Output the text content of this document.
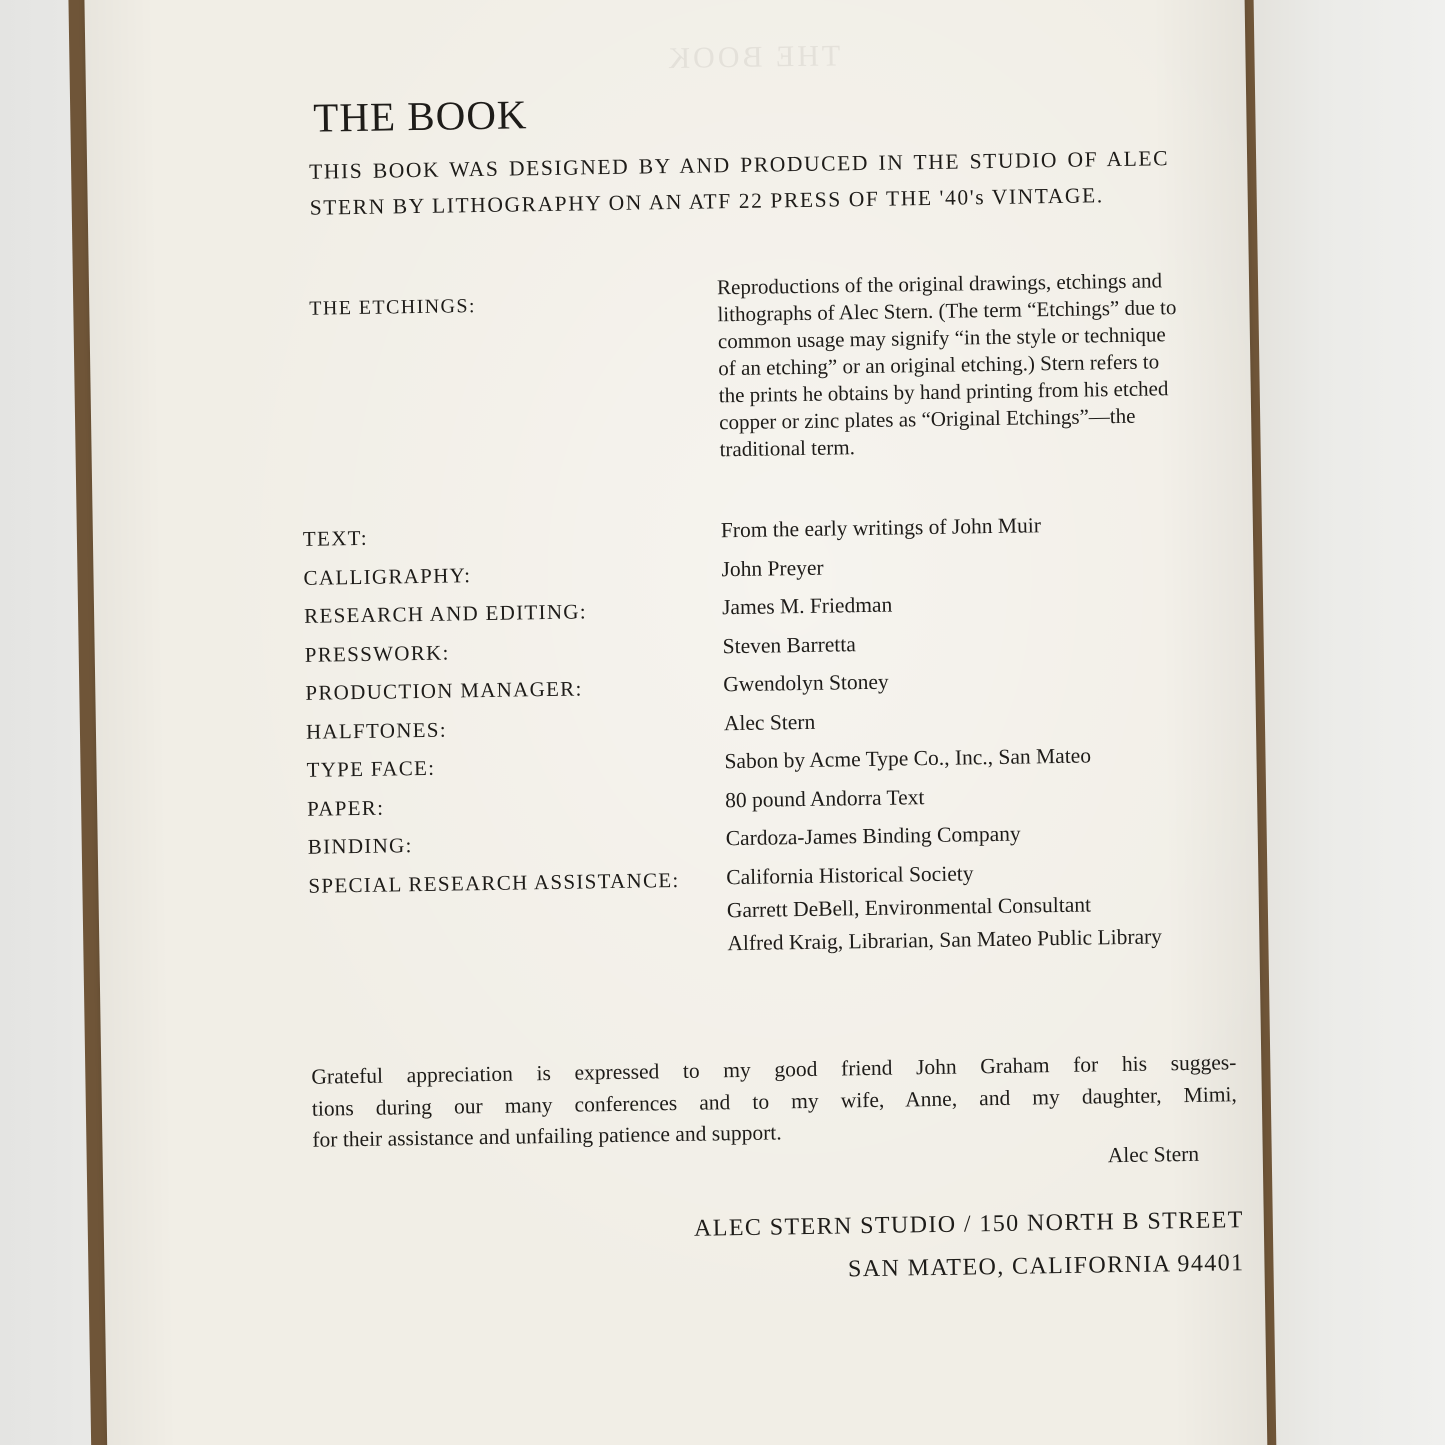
THE BOOK
THE BOOK

THIS BOOK WAS DESIGNED BY AND PRODUCED IN THE STUDIO OF ALEC STERN BY LITHOGRAPHY ON AN ATF 22 PRESS OF THE '40's VINTAGE.

THE ETCHINGS:

Reproductions of the original drawings, etchings and lithographs of Alec Stern. (The term “Etchings” due to common usage may signify “in the style or technique of an etching” or an original etching.) Stern refers to the prints he obtains by hand printing from his etched copper or zinc plates as “Original Etchings”—the traditional term.

TEXT:	From the early writings of John Muir
CALLIGRAPHY:	John Preyer
RESEARCH AND EDITING:	James M. Friedman
PRESSWORK:	Steven Barretta
PRODUCTION MANAGER:	Gwendolyn Stoney
HALFTONES:	Alec Stern
TYPE FACE:	Sabon by Acme Type Co., Inc., San Mateo
PAPER:	80 pound Andorra Text
BINDING:	Cardoza-James Binding Company
SPECIAL RESEARCH ASSISTANCE: California Historical Society
Garrett DeBell, Environmental Consultant
Alfred Kraig, Librarian, San Mateo Public Library

Grateful appreciation is expressed to my good friend John Graham for his sugges-
tions during our many conferences and to my wife, Anne, and my daughter, Mimi,
for their assistance and unfailing patience and support.

Alec Stern
ALEC STERN STUDIO / 150 NORTH B STREET
SAN MATEO, CALIFORNIA 94401
